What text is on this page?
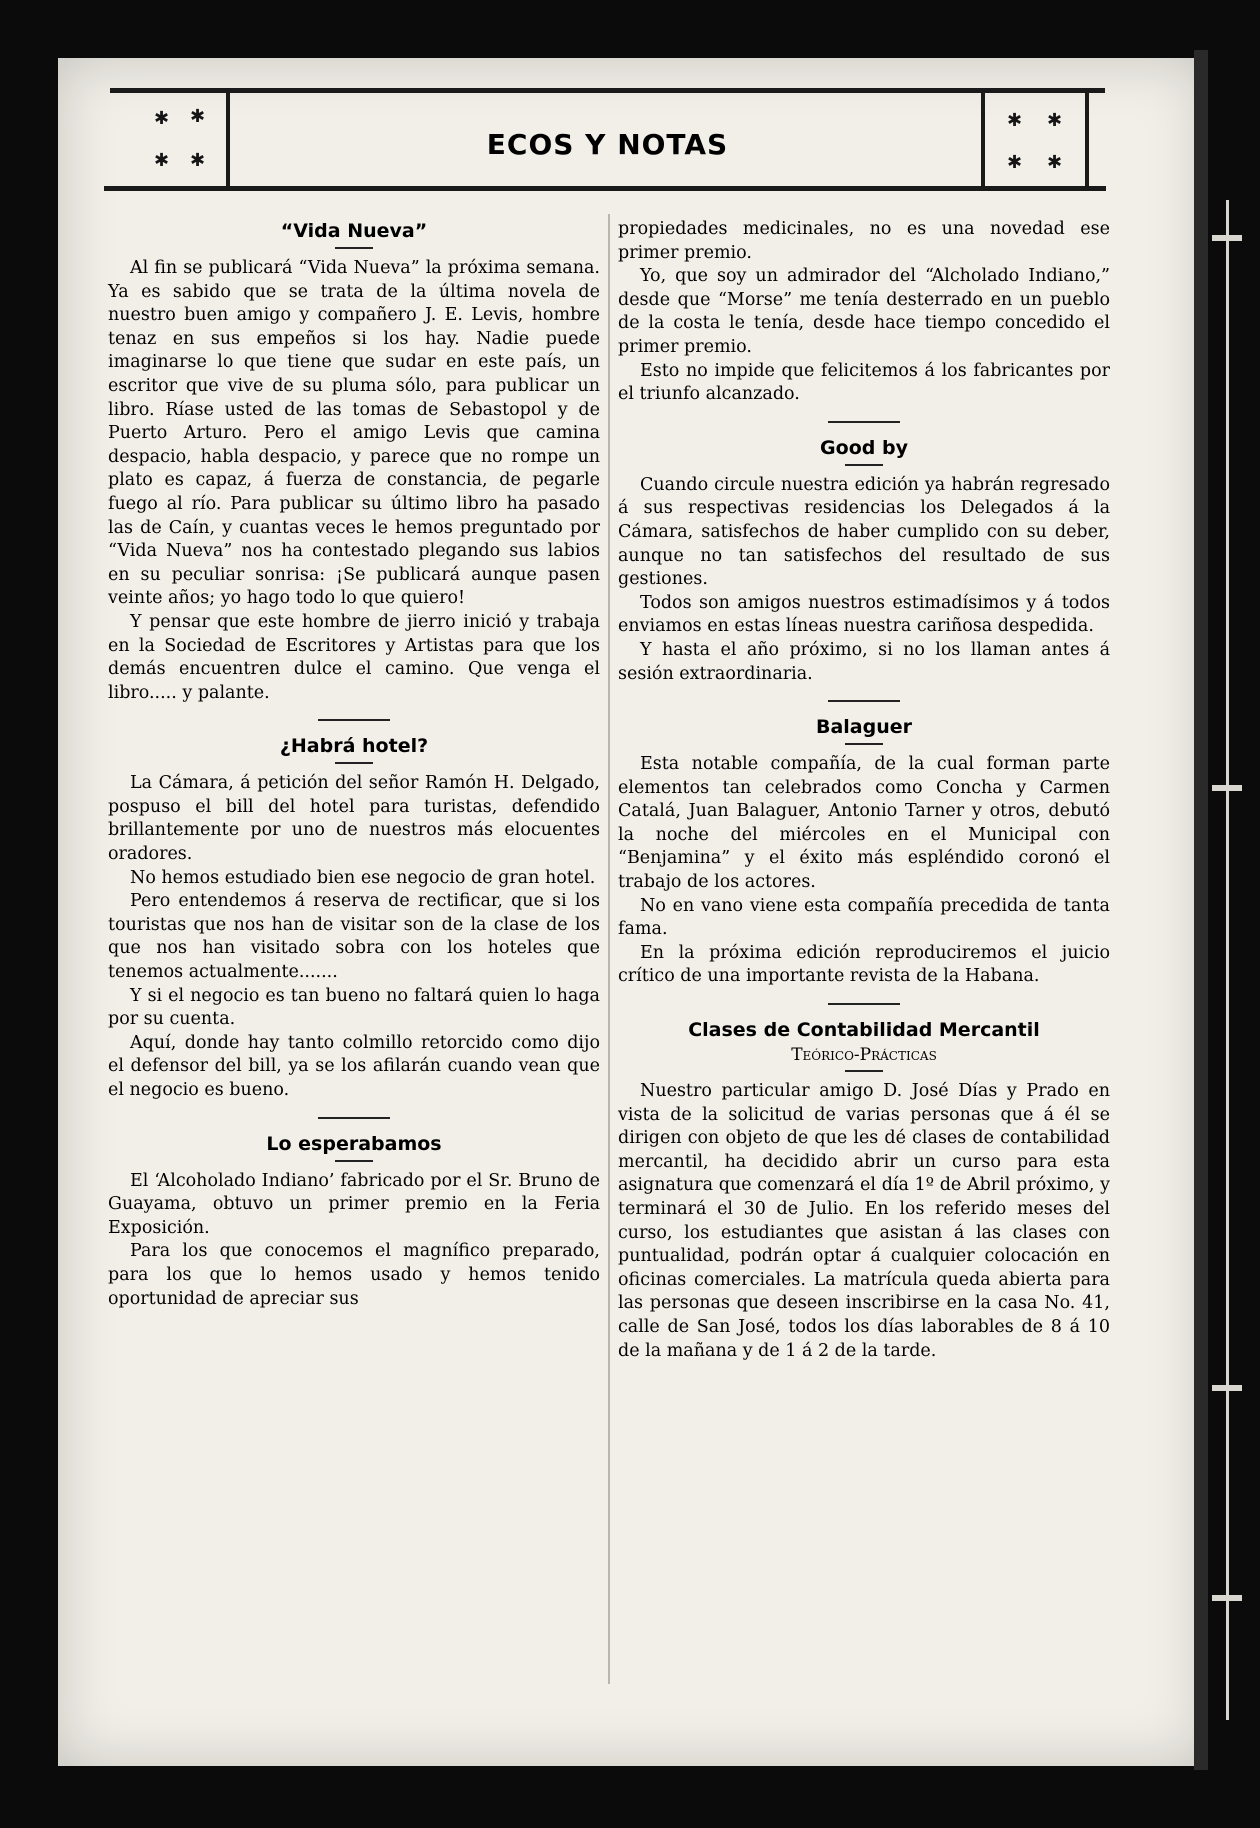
✱ ✱
✱ ✱	ECOS Y NOTAS
✱ ✱
✱ ✱
“Vida Nueva”

Al fin se publicará “Vida Nueva” la próxima semana. Ya es sabido que se trata de la última novela de nuestro buen amigo y compañero J. E. Levis, hombre tenaz en sus empeños si los hay. Nadie puede imaginarse lo que tiene que sudar en este país, un escritor que vive de su pluma sólo, para publicar un libro. Ríase usted de las tomas de Sebastopol y de Puerto Arturo. Pero el amigo Levis que camina despacio, habla despacio, y parece que no rompe un plato es capaz, á fuerza de constancia, de pegarle fuego al río. Para publicar su último libro ha pasado las de Caín, y cuantas veces le hemos preguntado por “Vida Nueva” nos ha contestado plegando sus labios en su peculiar sonrisa: ¡Se publicará aunque pasen veinte años; yo hago todo lo que quiero!

Y pensar que este hombre de jierro inició y trabaja en la Sociedad de Escritores y Artistas para que los demás encuentren dulce el camino. Que venga el libro..... y palante.

¿Habrá hotel?

La Cámara, á petición del señor Ramón H. Delgado, pospuso el bill del hotel para turistas, defendido brillantemente por uno de nuestros más elocuentes oradores.

No hemos estudiado bien ese negocio de gran hotel.

Pero entendemos á reserva de rectificar, que si los touristas que nos han de visitar son de la clase de los que nos han visitado sobra con los hoteles que tenemos actualmente.......

Y si el negocio es tan bueno no faltará quien lo haga por su cuenta.

Aquí, donde hay tanto colmillo retorcido como dijo el defensor del bill, ya se los afilarán cuando vean que el negocio es bueno.

Lo esperabamos

El ‘Alcoholado Indiano’ fabricado por el Sr. Bruno de Guayama, obtuvo un primer premio en la Feria Exposición.

Para los que conocemos el magnífico preparado, para los que lo hemos usado y hemos tenido oportunidad de apreciar sus

propiedades medicinales, no es una novedad ese primer premio.

Yo, que soy un admirador del “Alcholado Indiano,” desde que “Morse” me tenía desterrado en un pueblo de la costa le tenía, desde hace tiempo concedido el primer premio.

Esto no impide que felicitemos á los fabricantes por el triunfo alcanzado.

Good by

Cuando circule nuestra edición ya habrán regresado á sus respectivas residencias los Delegados á la Cámara, satisfechos de haber cumplido con su deber, aunque no tan satisfechos del resultado de sus gestiones.

Todos son amigos nuestros estimadísimos y á todos enviamos en estas líneas nuestra cariñosa despedida.

Y hasta el año próximo, si no los llaman antes á sesión extraordinaria.

Balaguer

Esta notable compañía, de la cual forman parte elementos tan celebrados como Concha y Carmen Catalá, Juan Balaguer, Antonio Tarner y otros, debutó la noche del miércoles en el Municipal con “Benjamina” y el éxito más espléndido coronó el trabajo de los actores.

No en vano viene esta compañía precedida de tanta fama.

En la próxima edición reproduciremos el juicio crítico de una importante revista de la Habana.

Clases de Contabilidad Mercantil
Teórico-Prácticas

Nuestro particular amigo D. José Días y Prado en vista de la solicitud de varias personas que á él se dirigen con objeto de que les dé clases de contabilidad mercantil, ha decidido abrir un curso para esta asignatura que comenzará el día 1º de Abril próximo, y terminará el 30 de Julio. En los referido meses del curso, los estudiantes que asistan á las clases con puntualidad, podrán optar á cualquier colocación en oficinas comerciales. La matrícula queda abierta para las personas que deseen inscribirse en la casa No. 41, calle de San José, todos los días laborables de 8 á 10 de la mañana y de 1 á 2 de la tarde.
